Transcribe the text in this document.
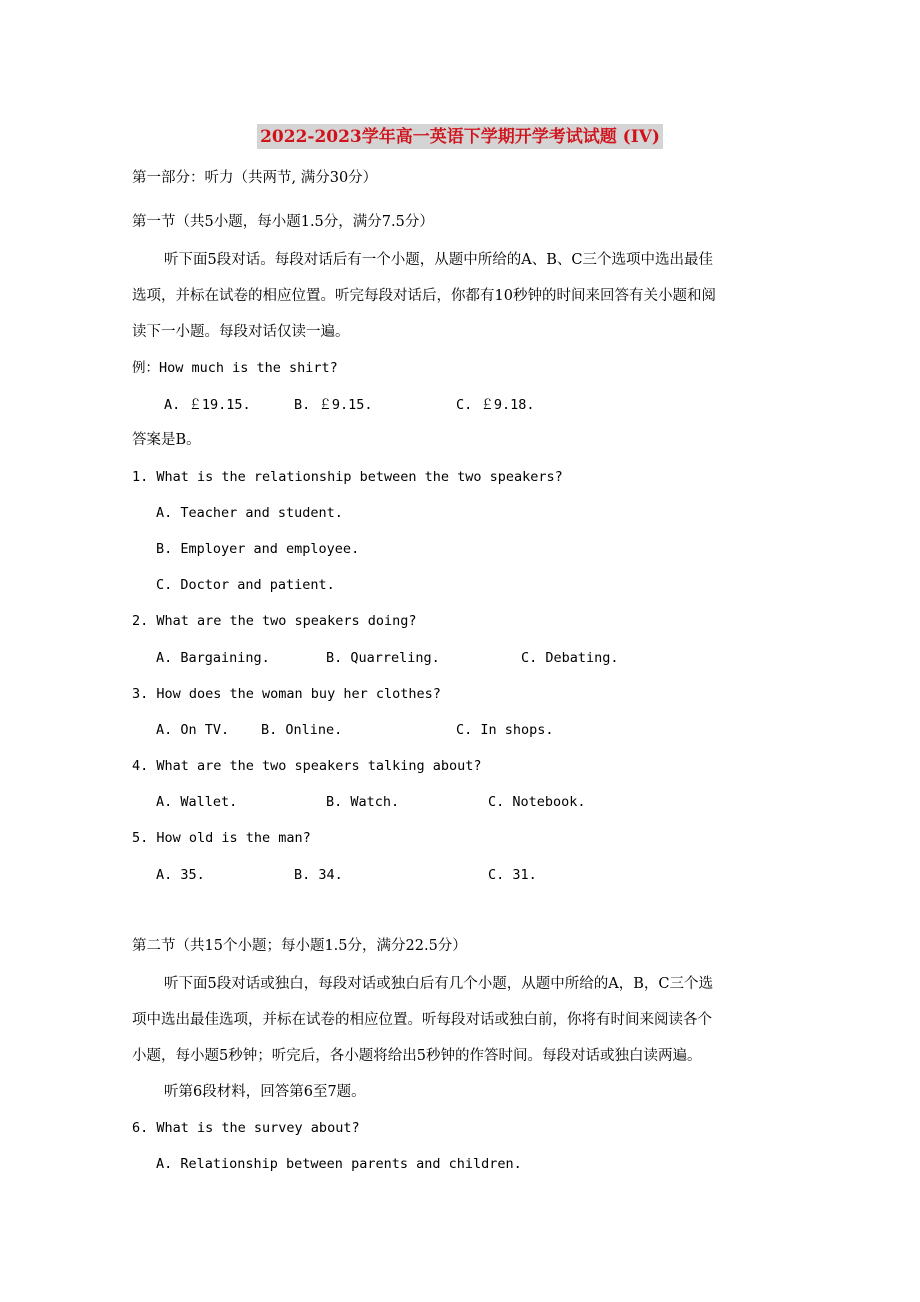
2022-2023学年高一英语下学期开学考试试题 (IV)
第一部分：听力（共两节, 满分30分）
第一节（共5小题，每小题1.5分，满分7.5分）
听下面5段对话。每段对话后有一个小题，从题中所给的A、B、C三个选项中选出最佳
选项，并标在试卷的相应位置。听完每段对话后，你都有10秒钟的时间来回答有关小题和阅
读下一小题。每段对话仅读一遍。
例：How much is the shirt?
A. ￡19.15.	B. ￡9.15.	C. ￡9.18.
答案是B。
1. What is the relationship between the two speakers?
A. Teacher and student.
B. Employer and employee.
C. Doctor and patient.
2. What are the two speakers doing?
A. Bargaining.	B. Quarreling.	C. Debating.
3. How does the woman buy her clothes?
A. On TV. B. Online.	C. In shops.
4. What are the two speakers talking about?
A. Wallet.	B. Watch.	C. Notebook.
5. How old is the man?
A. 35.	B. 34.	C. 31.
第二节（共15个小题；每小题1.5分，满分22.5分）
听下面5段对话或独白，每段对话或独白后有几个小题，从题中所给的A，B，C三个选
项中选出最佳选项，并标在试卷的相应位置。听每段对话或独白前，你将有时间来阅读各个
小题，每小题5秒钟；听完后，各小题将给出5秒钟的作答时间。每段对话或独白读两遍。
听第6段材料，回答第6至7题。
6. What is the survey about?
A. Relationship between parents and children.
